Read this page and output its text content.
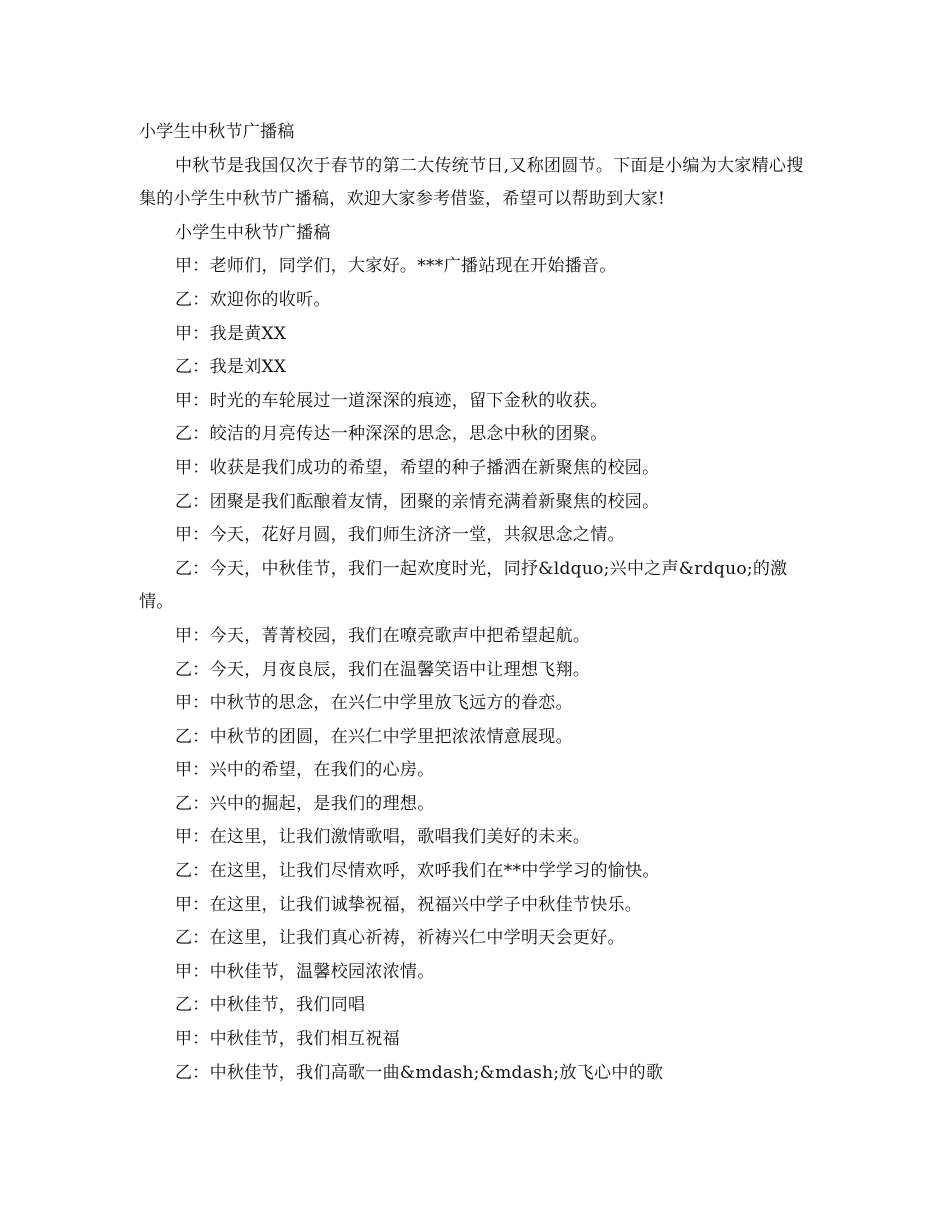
小学生中秋节广播稿
中秋节是我国仅次于春节的第二大传统节日,又称团圆节。下面是小编为大家精心搜集的小学生中秋节广播稿，欢迎大家参考借鉴，希望可以帮助到大家!
小学生中秋节广播稿
甲：老师们，同学们，大家好。***广播站现在开始播音。
乙：欢迎你的收听。
甲：我是黄XX
乙：我是刘XX
甲：时光的车轮展过一道深深的痕迹，留下金秋的收获。
乙：皎洁的月亮传达一种深深的思念，思念中秋的团聚。
甲：收获是我们成功的希望，希望的种子播洒在新聚焦的校园。
乙：团聚是我们酝酿着友情，团聚的亲情充满着新聚焦的校园。
甲：今天，花好月圆，我们师生济济一堂，共叙思念之情。
乙：今天，中秋佳节，我们一起欢度时光，同抒&ldquo;兴中之声&rdquo;的激情。
甲：今天，菁菁校园，我们在嘹亮歌声中把希望起航。
乙：今天，月夜良辰，我们在温馨笑语中让理想飞翔。
甲：中秋节的思念，在兴仁中学里放飞远方的眷恋。
乙：中秋节的团圆，在兴仁中学里把浓浓情意展现。
甲：兴中的希望，在我们的心房。
乙：兴中的掘起，是我们的理想。
甲：在这里，让我们激情歌唱，歌唱我们美好的未来。
乙：在这里，让我们尽情欢呼，欢呼我们在**中学学习的愉快。
甲：在这里，让我们诚挚祝福，祝福兴中学子中秋佳节快乐。
乙：在这里，让我们真心祈祷，祈祷兴仁中学明天会更好。
甲：中秋佳节，温馨校园浓浓情。
乙：中秋佳节，我们同唱
甲：中秋佳节，我们相互祝福
乙：中秋佳节，我们高歌一曲&mdash;&mdash;放飞心中的歌
